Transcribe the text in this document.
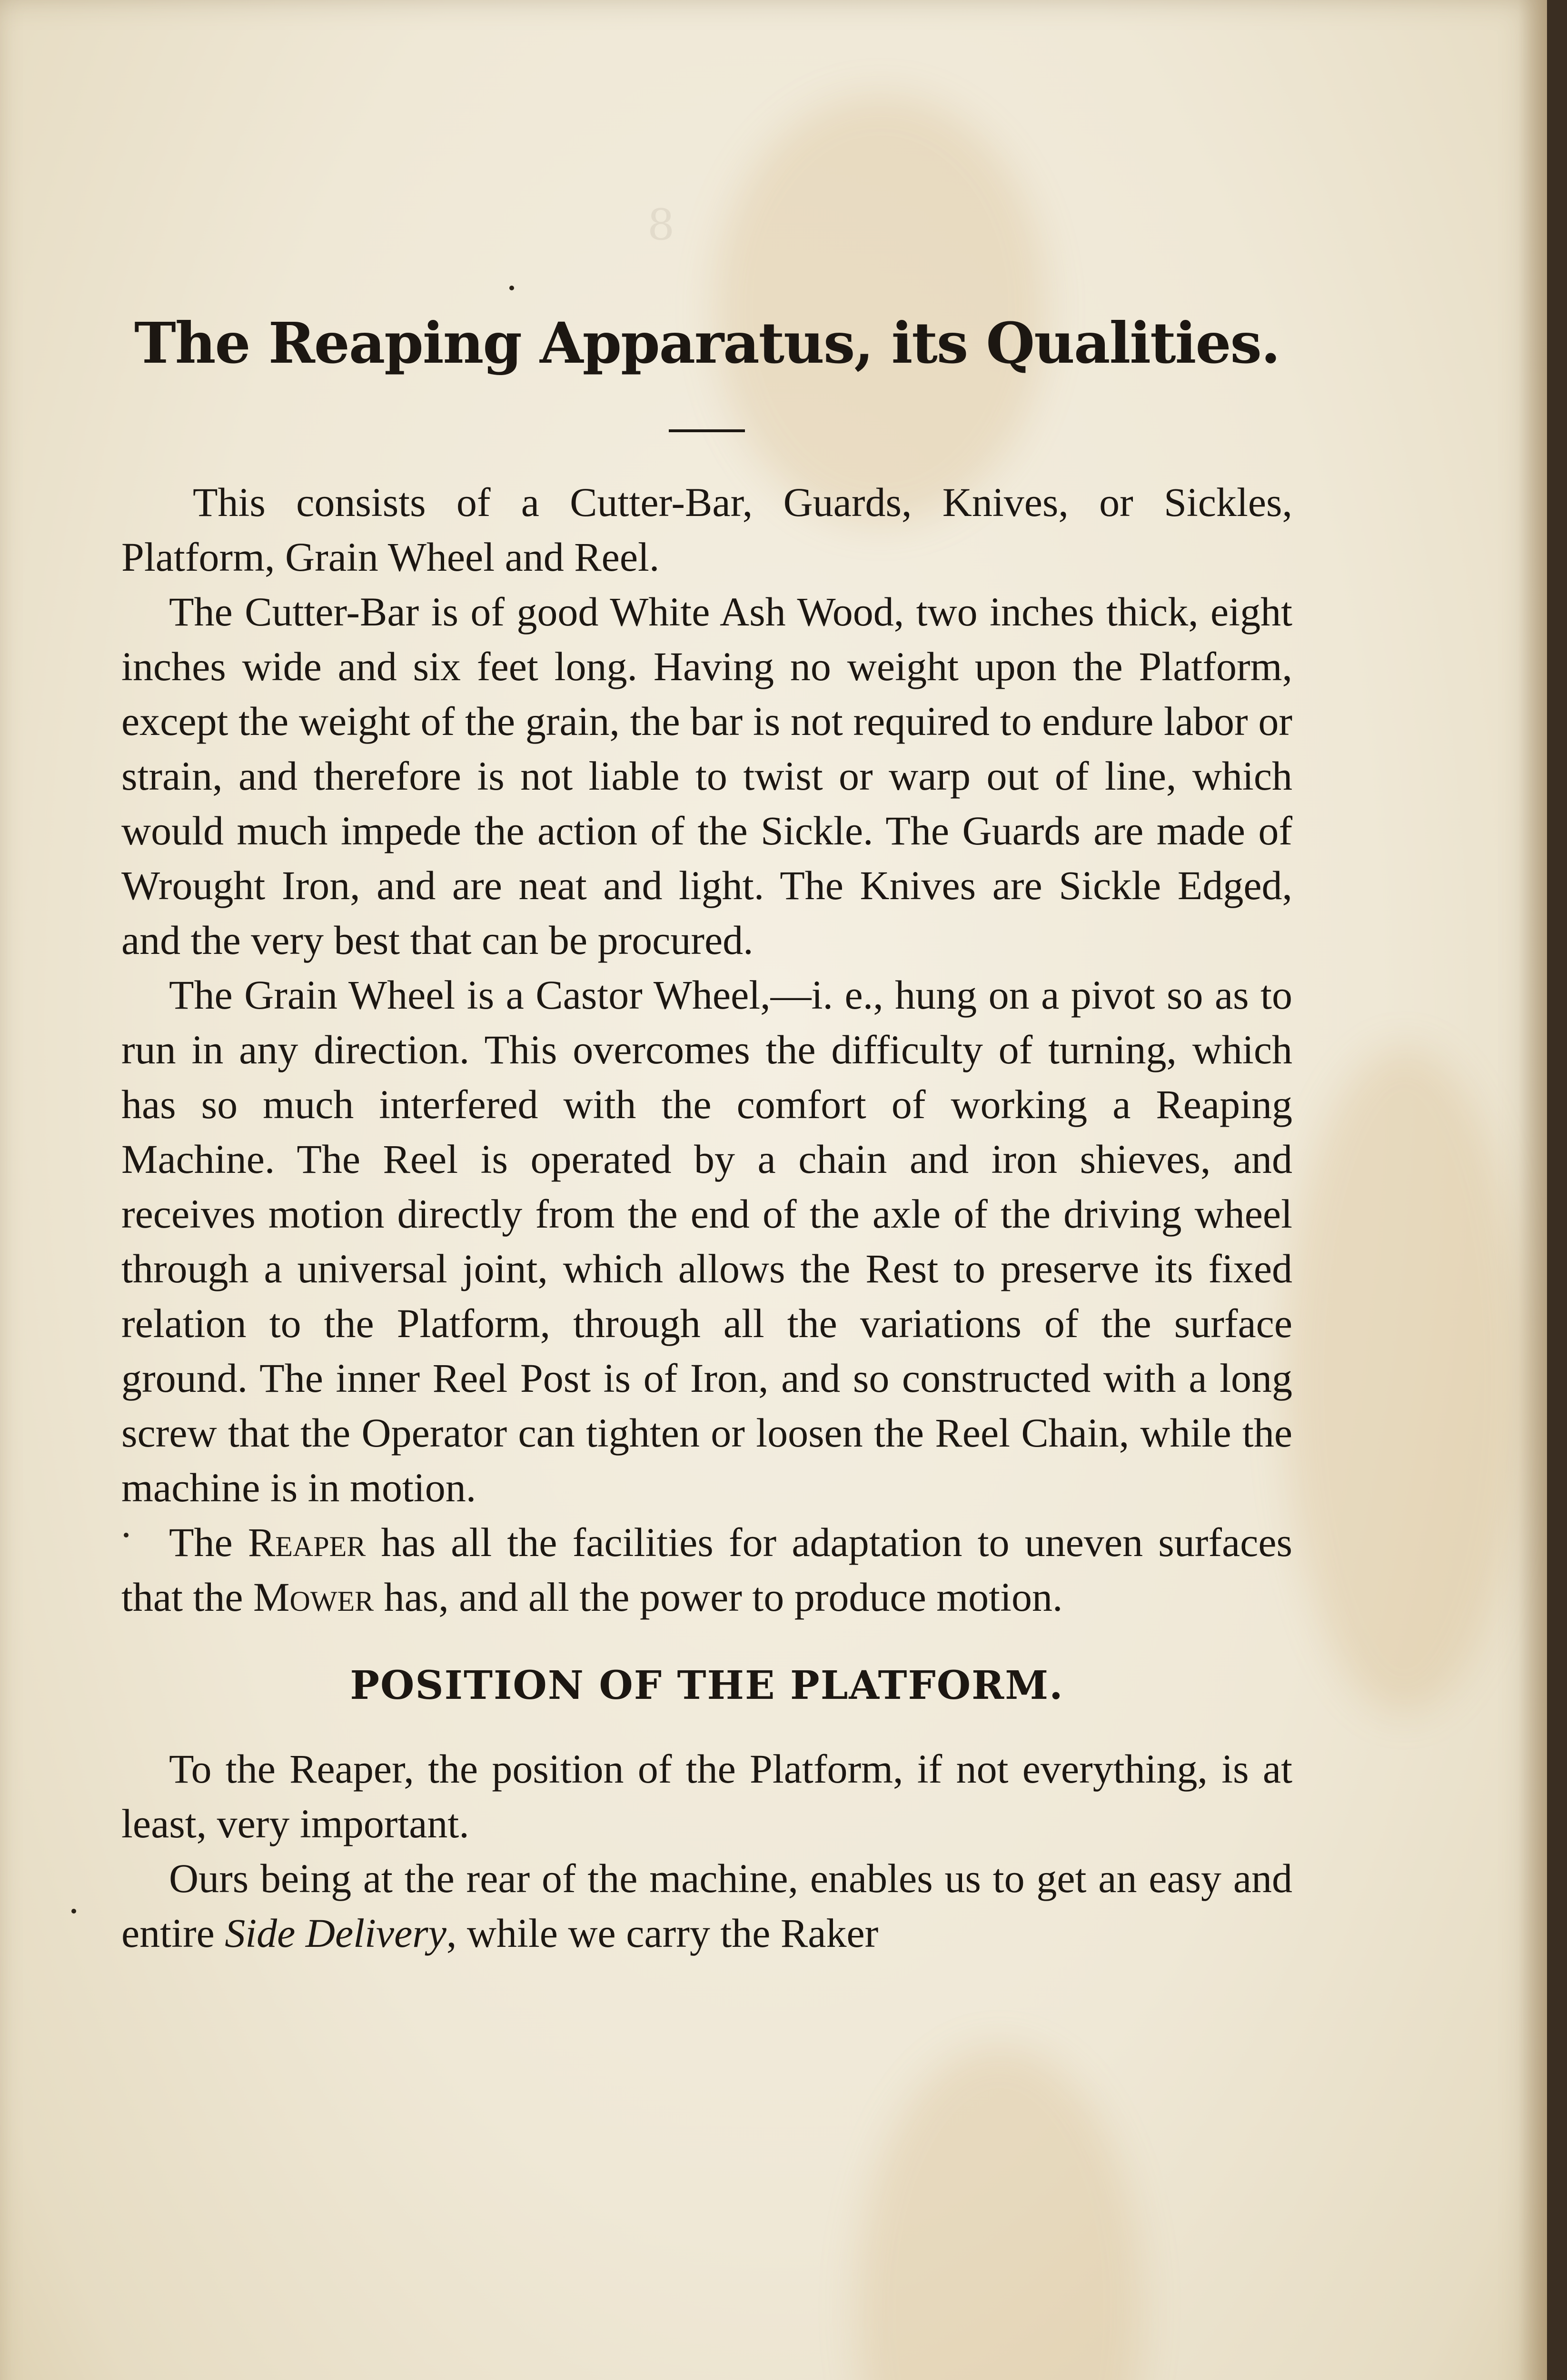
8
The Reaping Apparatus, its Qualities.

This consists of a Cutter-Bar, Guards, Knives, or Sickles, Platform, Grain Wheel and Reel.

The Cutter-Bar is of good White Ash Wood, two inches thick, eight inches wide and six feet long. Having no weight upon the Platform, except the weight of the grain, the bar is not required to endure labor or strain, and therefore is not liable to twist or warp out of line, which would much impede the action of the Sickle. The Guards are made of Wrought Iron, and are neat and light. The Knives are Sickle Edged, and the very best that can be procured.

The Grain Wheel is a Castor Wheel,—i. e., hung on a pivot so as to run in any direction. This overcomes the difficulty of turning, which has so much interfered with the comfort of working a Reaping Machine. The Reel is operated by a chain and iron shieves, and receives motion directly from the end of the axle of the driving wheel through a universal joint, which allows the Rest to preserve its fixed relation to the Platform, through all the variations of the surface ground. The inner Reel Post is of Iron, and so constructed with a long screw that the Operator can tighten or loosen the Reel Chain, while the machine is in motion.

The Reaper has all the facilities for adaptation to uneven surfaces that the Mower has, and all the power to produce motion.

POSITION OF THE PLATFORM.

To the Reaper, the position of the Platform, if not everything, is at least, very important.

Ours being at the rear of the machine, enables us to get an easy and entire Side Delivery, while we carry the Raker
